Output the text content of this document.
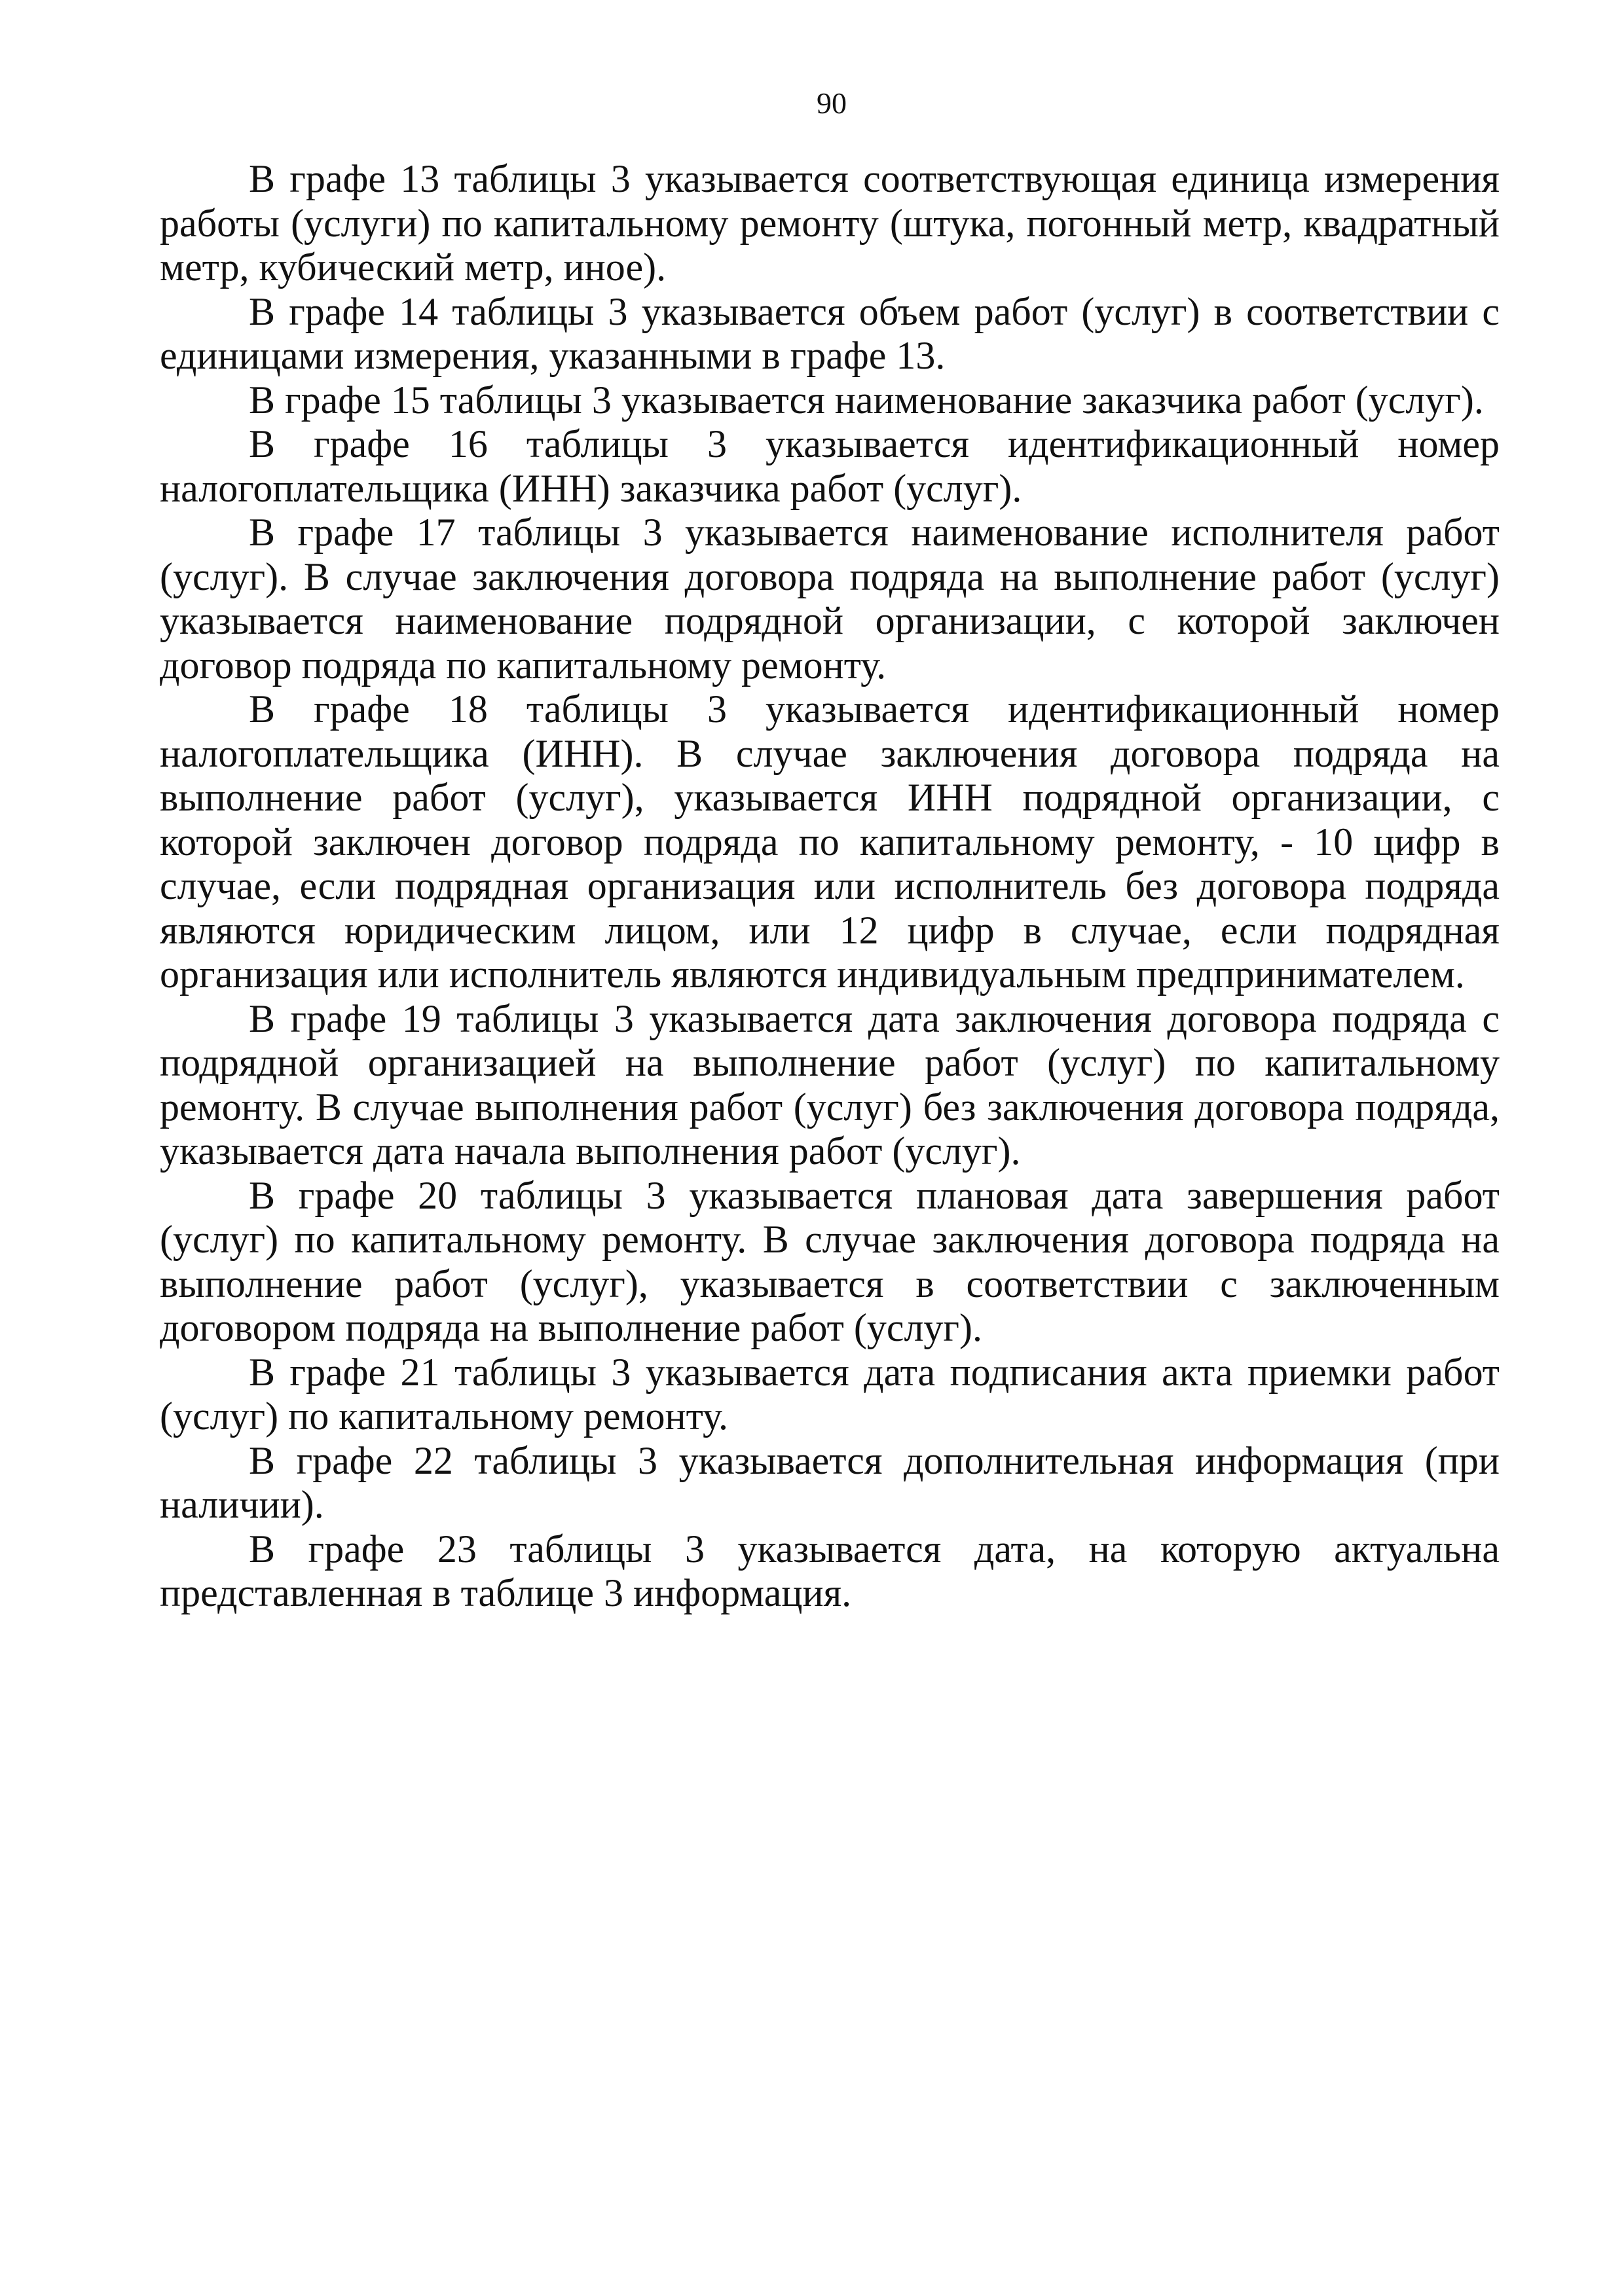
90

В графе 13 таблицы 3 указывается соответствующая единица измерения работы (услуги) по капитальному ремонту (штука, погонный метр, квадратный метр, кубический метр, иное).

В графе 14 таблицы 3 указывается объем работ (услуг) в соответствии с единицами измерения, указанными в графе 13.

В графе 15 таблицы 3 указывается наименование заказчика работ (услуг).

В графе 16 таблицы 3 указывается идентификационный номер налогоплательщика (ИНН) заказчика работ (услуг).

В графе 17 таблицы 3 указывается наименование исполнителя работ (услуг). В случае заключения договора подряда на выполнение работ (услуг) указывается наименование подрядной организации, с которой заключен договор подряда по капитальному ремонту.

В графе 18 таблицы 3 указывается идентификационный номер налогоплательщика (ИНН). В случае заключения договора подряда на выполнение работ (услуг), указывается ИНН подрядной организации, с которой заключен договор подряда по капитальному ремонту, - 10 цифр в случае, если подрядная организация или исполнитель без договора подряда являются юридическим лицом, или 12 цифр в случае, если подрядная организация или исполнитель являются индивидуальным предпринимателем.

В графе 19 таблицы 3 указывается дата заключения договора подряда с подрядной организацией на выполнение работ (услуг) по капитальному ремонту. В случае выполнения работ (услуг) без заключения договора подряда, указывается дата начала выполнения работ (услуг).

В графе 20 таблицы 3 указывается плановая дата завершения работ (услуг) по капитальному ремонту. В случае заключения договора подряда на выполнение работ (услуг), указывается в соответствии с заключенным договором подряда на выполнение работ (услуг).

В графе 21 таблицы 3 указывается дата подписания акта приемки работ (услуг) по капитальному ремонту.

В графе 22 таблицы 3 указывается дополнительная информация (при наличии).

В графе 23 таблицы 3 указывается дата, на которую актуальна представленная в таблице 3 информация.
